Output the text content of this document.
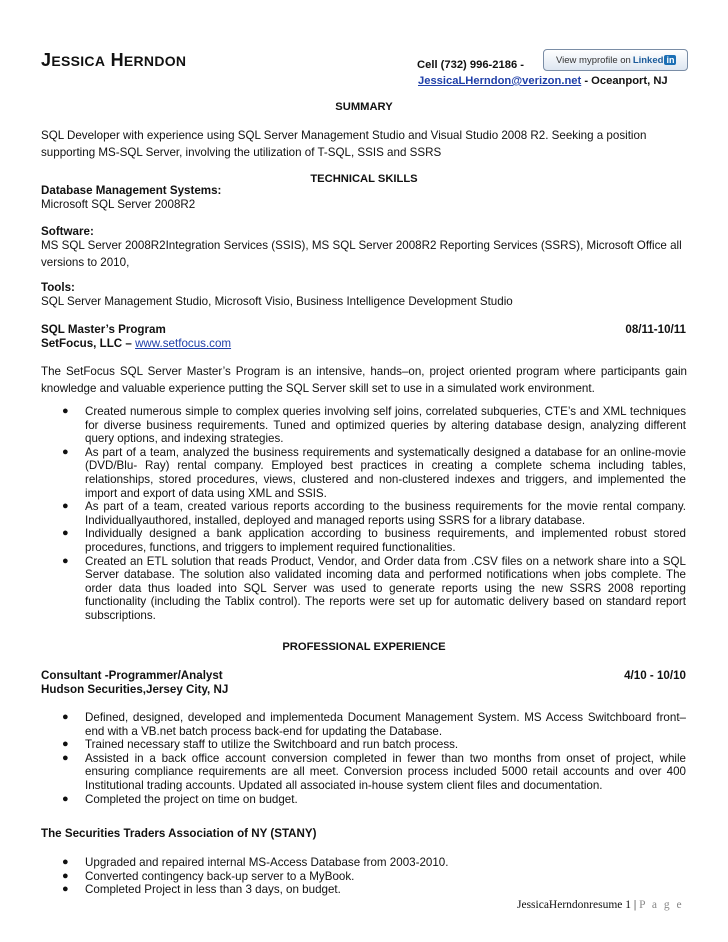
JESSICA HERNDON	Cell (732) 996-2186 -	View myprofile on Linked in
JessicaLHerndon@verizon.net - Oceanport, NJ
SUMMARY
SQL Developer with experience using SQL Server Management Studio and Visual Studio 2008 R2. Seeking a position supporting MS-SQL Server, involving the utilization of T-SQL, SSIS and SSRS
TECHNICAL SKILLS
Database Management Systems:
Microsoft SQL Server 2008R2
Software:
MS SQL Server 2008R2Integration Services (SSIS), MS SQL Server 2008R2 Reporting Services (SSRS), Microsoft Office all versions to 2010,
Tools:
SQL Server Management Studio, Microsoft Visio, Business Intelligence Development Studio
SQL Master’s Program	08/11-10/11
SetFocus, LLC – www.setfocus.com
The SetFocus SQL Server Master’s Program is an intensive, hands–on, project oriented program where participants gain knowledge and valuable experience putting the SQL Server skill set to use in a simulated work environment.
● Created numerous simple to complex queries involving self joins, correlated subqueries, CTE’s and XML techniques for diverse business requirements. Tuned and optimized queries by altering database design, analyzing different query options, and indexing strategies.
● As part of a team, analyzed the business requirements and systematically designed a database for an online-movie (DVD/Blu- Ray) rental company. Employed best practices in creating a complete schema including tables, relationships, stored procedures, views, clustered and non-clustered indexes and triggers, and implemented the import and export of data using XML and SSIS.
● As part of a team, created various reports according to the business requirements for the movie rental company. Individuallyauthored, installed, deployed and managed reports using SSRS for a library database.
● Individually designed a bank application according to business requirements, and implemented robust stored procedures, functions, and triggers to implement required functionalities.
● Created an ETL solution that reads Product, Vendor, and Order data from .CSV files on a network share into a SQL Server database. The solution also validated incoming data and performed notifications when jobs complete. The order data thus loaded into SQL Server was used to generate reports using the new SSRS 2008 reporting functionality (including the Tablix control). The reports were set up for automatic delivery based on standard report subscriptions.
PROFESSIONAL EXPERIENCE
Consultant -Programmer/Analyst	4/10 - 10/10
Hudson Securities,Jersey City, NJ
● Defined, designed, developed and implementeda Document Management System. MS Access Switchboard front–end with a VB.net batch process back-end for updating the Database.
● Trained necessary staff to utilize the Switchboard and run batch process.
● Assisted in a back office account conversion completed in fewer than two months from onset of project, while ensuring compliance requirements are all meet. Conversion process included 5000 retail accounts and over 400 Institutional trading accounts. Updated all associated in-house system client files and documentation.
● Completed the project on time on budget.
The Securities Traders Association of NY (STANY)
● Upgraded and repaired internal MS-Access Database from 2003-2010.
● Converted contingency back-up server to a MyBook.
● Completed Project in less than 3 days, on budget.
JessicaHerndonresume 1 | P a g e
